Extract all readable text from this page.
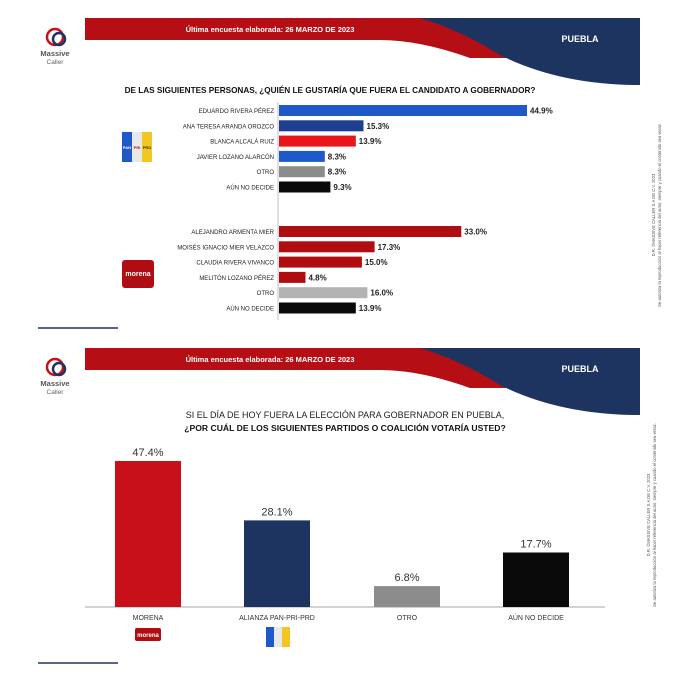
Última encuesta elaborada: 26 MARZO DE 2023
PUEBLA
Massive
Caller
DE LAS SIGUIENTES PERSONAS, ¿QUIÉN LE GUSTARÍA QUE FUERA EL CANDIDATO A GOBERNADOR?
PAN PRI PRD
morena
EDUARDO RIVERA PÉREZ	44.9%
ANA TERESA ARANDA OROZCO	15.3%
BLANCA ALCALÁ RUIZ	13.9%
JAVIER LOZANO ALARCÓN	8.3%
OTRO	8.3%
AÚN NO DECIDE	9.3%
ALEJANDRO ARMENTA MIER	33.0%
MOISÉS IGNACIO MIER VELAZCO	17.3%
CLAUDIA RIVERA VIVANCO	15.0%
MELITÓN LOZANO PÉREZ	4.8%
OTRO	16.0%
AÚN NO DECIDE	13.9%
D.R. ©MASSIVE CALLER S.A DE C.V. 2023 Se autoriza la reproducción al hacer referencia del autor, siempre y cuando el contenido sea veraz.
Última encuesta elaborada: 26 MARZO DE 2023
PUEBLA
Massive
Caller
SI EL DÍA DE HOY FUERA LA ELECCIÓN PARA GOBERNADOR EN PUEBLA,
¿POR CUÁL DE LOS SIGUIENTES PARTIDOS O COALICIÓN VOTARÍA USTED?
47.4%
MORENA
28.1%
ALIANZA PAN-PRI-PRD
6.8%
OTRO
17.7%
AÚN NO DECIDE
morena
D.R. ©MASSIVE CALLER S.A DE C.V. 2023 Se autoriza la reproducción al hacer referencia del autor, siempre y cuando el contenido sea veraz.
